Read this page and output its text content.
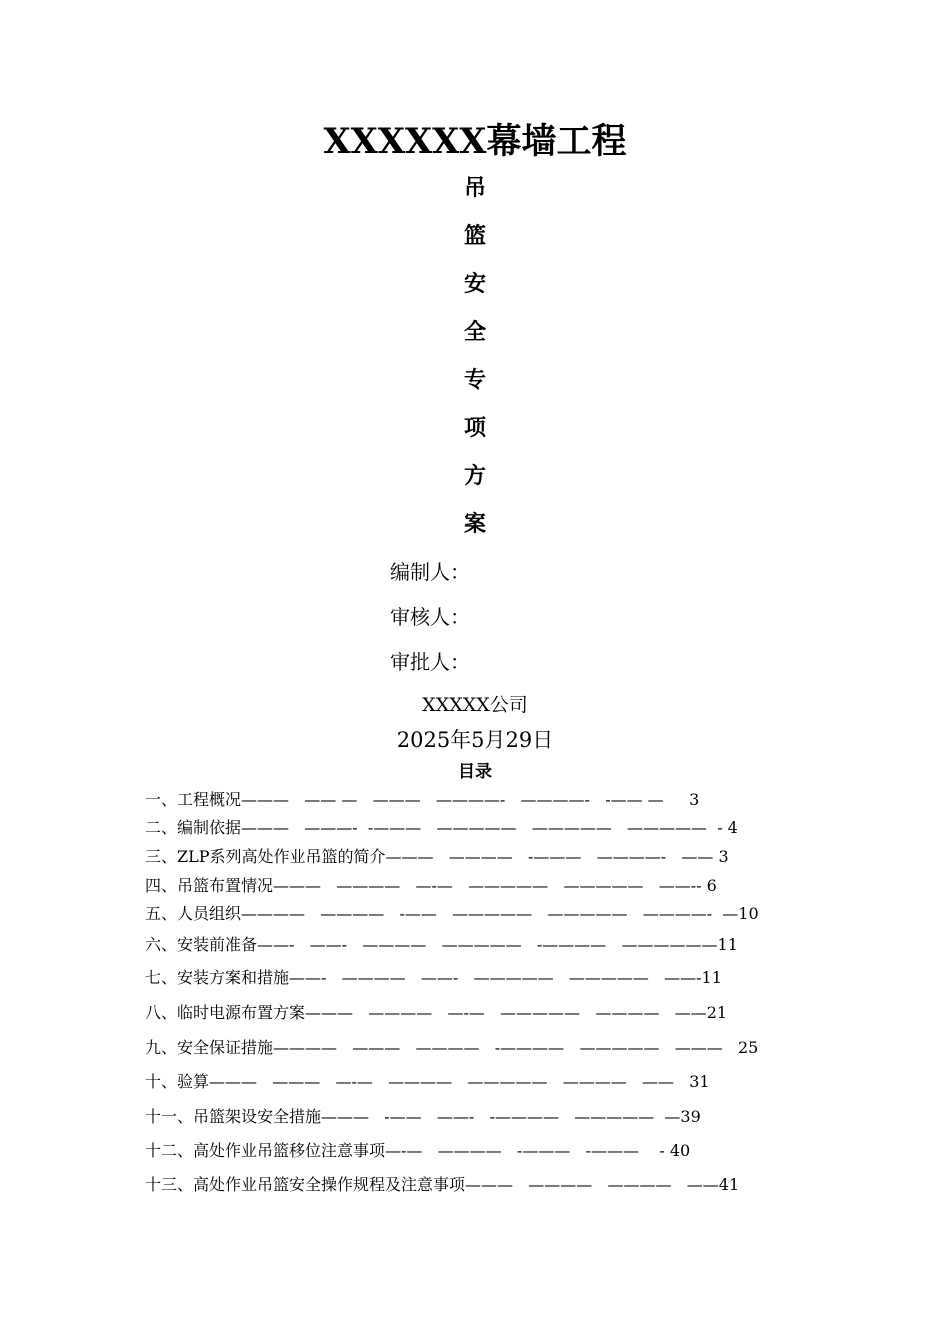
XXXXXX幕墙工程
吊
篮
安
全
专
项
方
案
编制人：
审核人：
审批人：
XXXXX公司
2025年5月29日
目录
一、工程概况———   —— —   ———   ————-   ————-   -—— —     3
二、编制依据———   ———-  -———   —————   —————   —————  - 4
三、ZLP系列高处作业吊篮的简介———   ————   -———   ————-   —— 3
四、吊篮布置情况———   ————   —-—   —————   —————   ——-- 6
五、人员组织————   ————   -——   —————   —————   ————-  —10
六、安装前准备——-   ——-   ————   —————   -————   ——————11
七、安装方案和措施——-   ————   ——-   —————   —————   ——-11
八、临时电源布置方案———   ————   —-—   —————   ————   ——21
九、安全保证措施————   ———   ————   -————   —————   ———   25
十、验算———   ———   —-—   ————   —————   ————   ——   31
十一、吊篮架设安全措施———   -——   ——-   -————   —————  —39
十二、高处作业吊篮移位注意事项—-—   ————   -———   -———    - 40
十三、高处作业吊篮安全操作规程及注意事项———   ————   ————   ——41
